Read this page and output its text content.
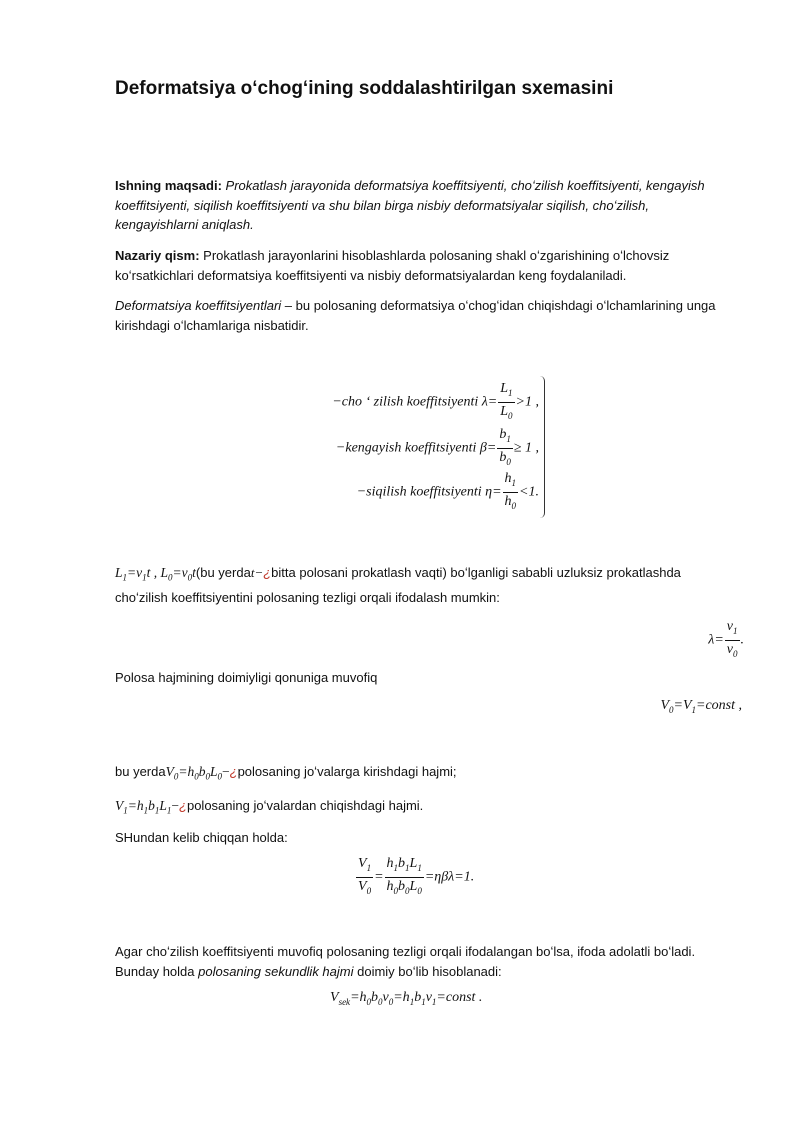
Deformatsiya oʻchogʻining soddalashtirilgan sxemasini

Ishning maqsadi: Prokatlash jarayonida deformatsiya koeffitsiyenti, choʻzilish koeffitsiyenti, kengayish koeffitsiyenti, siqilish koeffitsiyenti va shu bilan birga nisbiy deformatsiyalar siqilish, choʻzilish, kengayishlarni aniqlash.

Nazariy qism: Prokatlash jarayonlarini hisoblashlarda polosaning shakl oʻzgarishining oʻlchovsiz koʻrsatkichlari deformatsiya koeffitsiyenti va nisbiy deformatsiyalardan keng foydalaniladi.

Deformatsiya koeffitsiyentlari – bu polosaning deformatsiya oʻchogʻidan chiqishdagi oʻlchamlarining unga kirishdagi oʻlchamlariga nisbatidir.

−cho ʻ zilish koeffitsiyenti $\lambda= \frac{L_1}{L_0} >1$ ,
−kengayish koeffitsiyenti $\beta= \frac{b_1}{b_0} \ge 1$ ,
−siqilish koeffitsiyenti $\eta= \frac{h_1}{h_0} <1$.

$L_1=v_1t$ , $L_0=v_0t(bu$ yerdat−¿bitta polosani prokatlash vaqti) boʻlganligi sababli uzluksiz prokatlashda choʻzilish koeffitsiyentini polosaning tezligi orqali ifodalash mumkin:

$\lambda= \frac{v_1}{v_0}$ .

Polosa hajmining doimiyligi qonuniga muvofiq

$V_0=V_1=const$ ,

bu $yerdaV_0=h_0b_0L_0-¿polosaning$ joʻvalarga kirishdagi hajmi;

$V_1=h_1b_1L_1-¿polosaning$ joʻvalardan chiqishdagi hajmi.

SHundan kelib chiqqan holda:

$\frac{V_1}{V_0} = \frac{h_1b_1L_1}{h_0b_0L_0} =\eta\beta\lambda=1$.

Agar choʻzilish koeffitsiyenti muvofiq polosaning tezligi orqali ifodalangan boʻlsa, ifoda adolatli boʻladi. Bunday holda polosaning sekundlik hajmi doimiy boʻlib hisoblanadi:

$V_{sek}=h_0b_0v_0=h_1b_1v_1=const$ .
